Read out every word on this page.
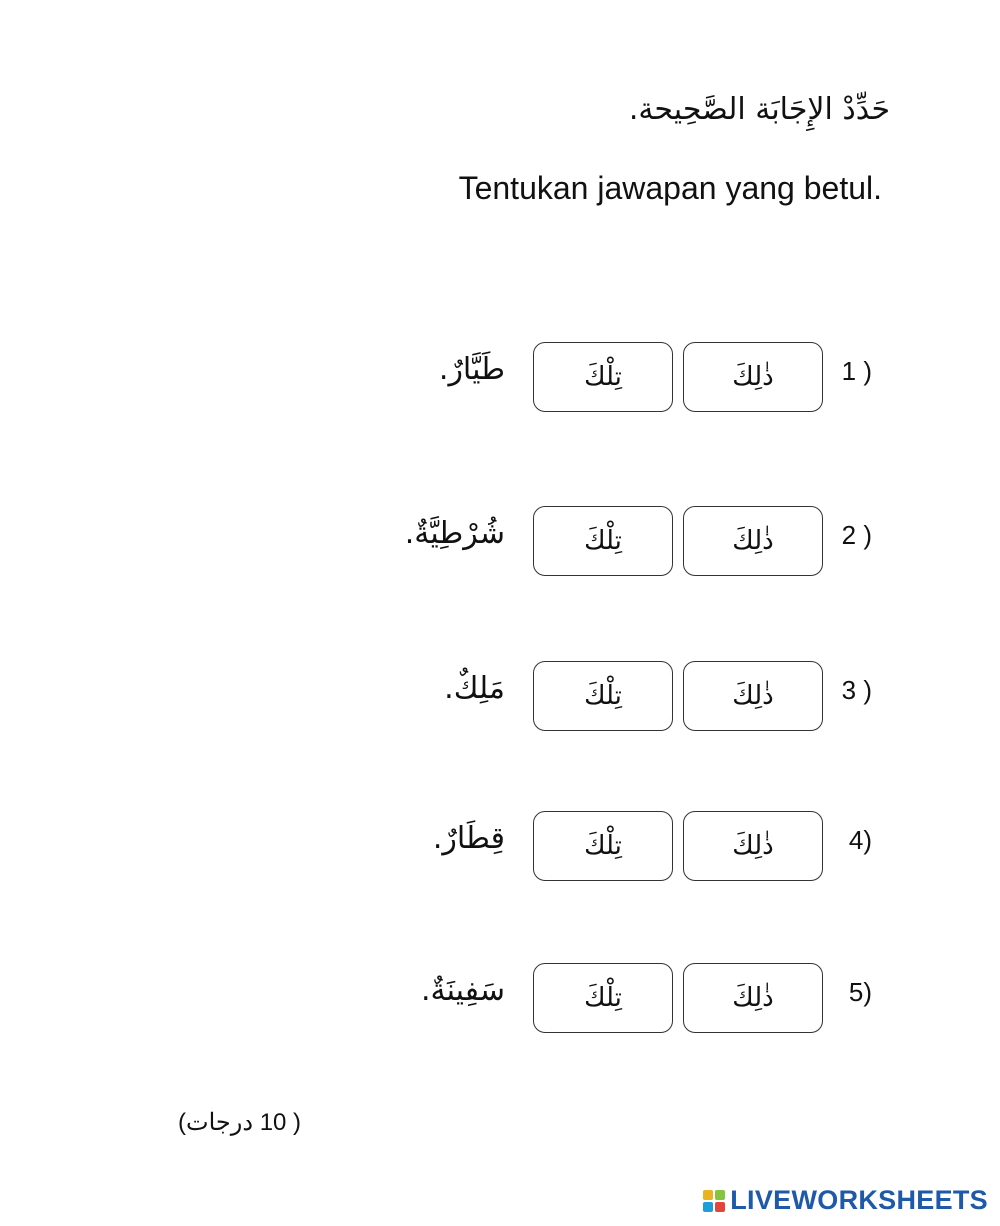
حَدِّدْ الإِجَابَة الصَّحِيحة.
Tentukan jawapan yang betul.
1 )
ذٰلِكَ
تِلْكَ
طَيَّارٌ.
2 )
ذٰلِكَ
تِلْكَ
شُرْطِيَّةٌ.
3 )
ذٰلِكَ
تِلْكَ
مَلِكٌ.
4)
ذٰلِكَ
تِلْكَ
قِطَارٌ.
5)
ذٰلِكَ
تِلْكَ
سَفِينَةٌ.
( 10 درجات)
LIVEWORKSHEETS
